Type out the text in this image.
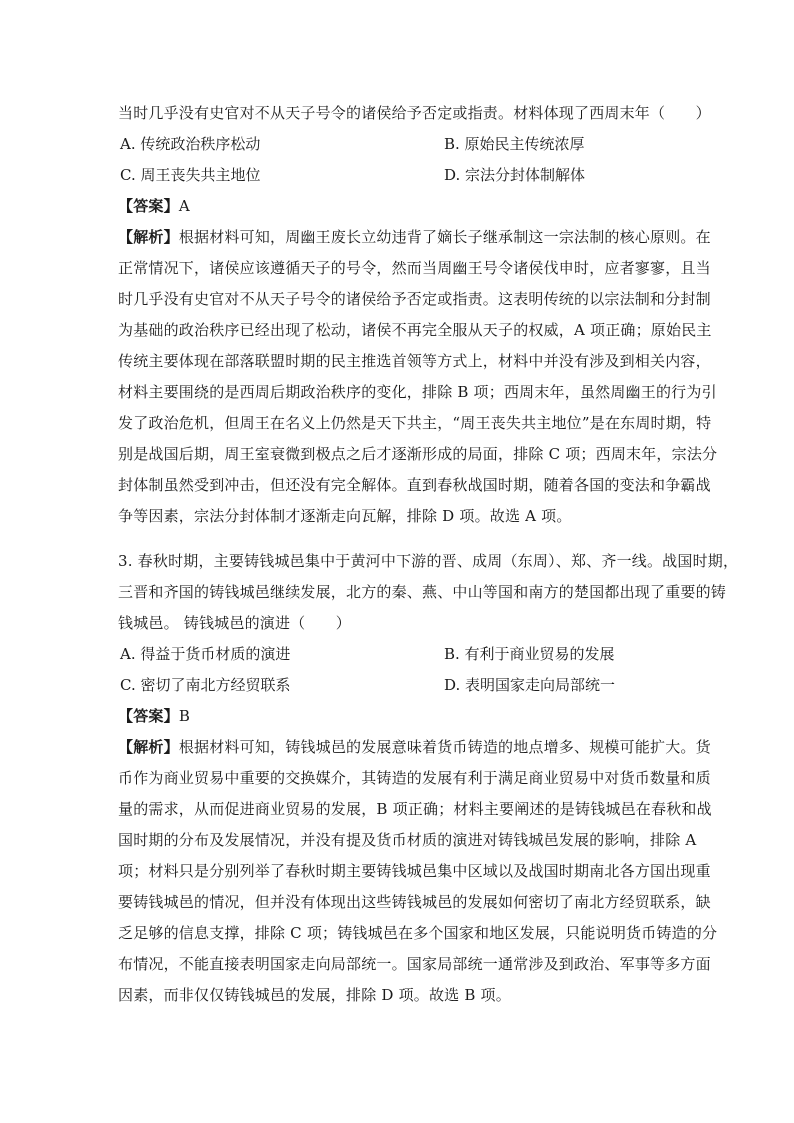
当时几乎没有史官对不从天子号令的诸侯给予否定或指责。材料体现了西周末年（　　）
A. 传统政治秩序松动	B. 原始民主传统浓厚
C. 周王丧失共主地位	D. 宗法分封体制解体
【答案】A
【解析】根据材料可知，周幽王废长立幼违背了嫡长子继承制这一宗法制的核心原则。在
正常情况下，诸侯应该遵循天子的号令，然而当周幽王号令诸侯伐申时，应者寥寥，且当
时几乎没有史官对不从天子号令的诸侯给予否定或指责。这表明传统的以宗法制和分封制
为基础的政治秩序已经出现了松动，诸侯不再完全服从天子的权威，A 项正确；原始民主
传统主要体现在部落联盟时期的民主推选首领等方式上，材料中并没有涉及到相关内容，
材料主要围绕的是西周后期政治秩序的变化，排除 B 项；西周末年，虽然周幽王的行为引
发了政治危机，但周王在名义上仍然是天下共主，“周王丧失共主地位”是在东周时期，特
别是战国后期，周王室衰微到极点之后才逐渐形成的局面，排除 C 项；西周末年，宗法分
封体制虽然受到冲击，但还没有完全解体。直到春秋战国时期，随着各国的变法和争霸战
争等因素，宗法分封体制才逐渐走向瓦解，排除 D 项。故选 A 项。
3. 春秋时期，主要铸钱城邑集中于黄河中下游的晋、成周（东周）、郑、齐一线。战国时期，
三晋和齐国的铸钱城邑继续发展，北方的秦、燕、中山等国和南方的楚国都出现了重要的铸
钱城邑。 铸钱城邑的演进（　　）
A. 得益于货币材质的演进	B. 有利于商业贸易的发展
C. 密切了南北方经贸联系	D. 表明国家走向局部统一
【答案】B
【解析】根据材料可知，铸钱城邑的发展意味着货币铸造的地点增多、规模可能扩大。货
币作为商业贸易中重要的交换媒介，其铸造的发展有利于满足商业贸易中对货币数量和质
量的需求，从而促进商业贸易的发展，B 项正确；材料主要阐述的是铸钱城邑在春秋和战
国时期的分布及发展情况，并没有提及货币材质的演进对铸钱城邑发展的影响，排除 A
项；材料只是分别列举了春秋时期主要铸钱城邑集中区域以及战国时期南北各方国出现重
要铸钱城邑的情况，但并没有体现出这些铸钱城邑的发展如何密切了南北方经贸联系，缺
乏足够的信息支撑，排除 C 项；铸钱城邑在多个国家和地区发展，只能说明货币铸造的分
布情况，不能直接表明国家走向局部统一。国家局部统一通常涉及到政治、军事等多方面
因素，而非仅仅铸钱城邑的发展，排除 D 项。故选 B 项。
